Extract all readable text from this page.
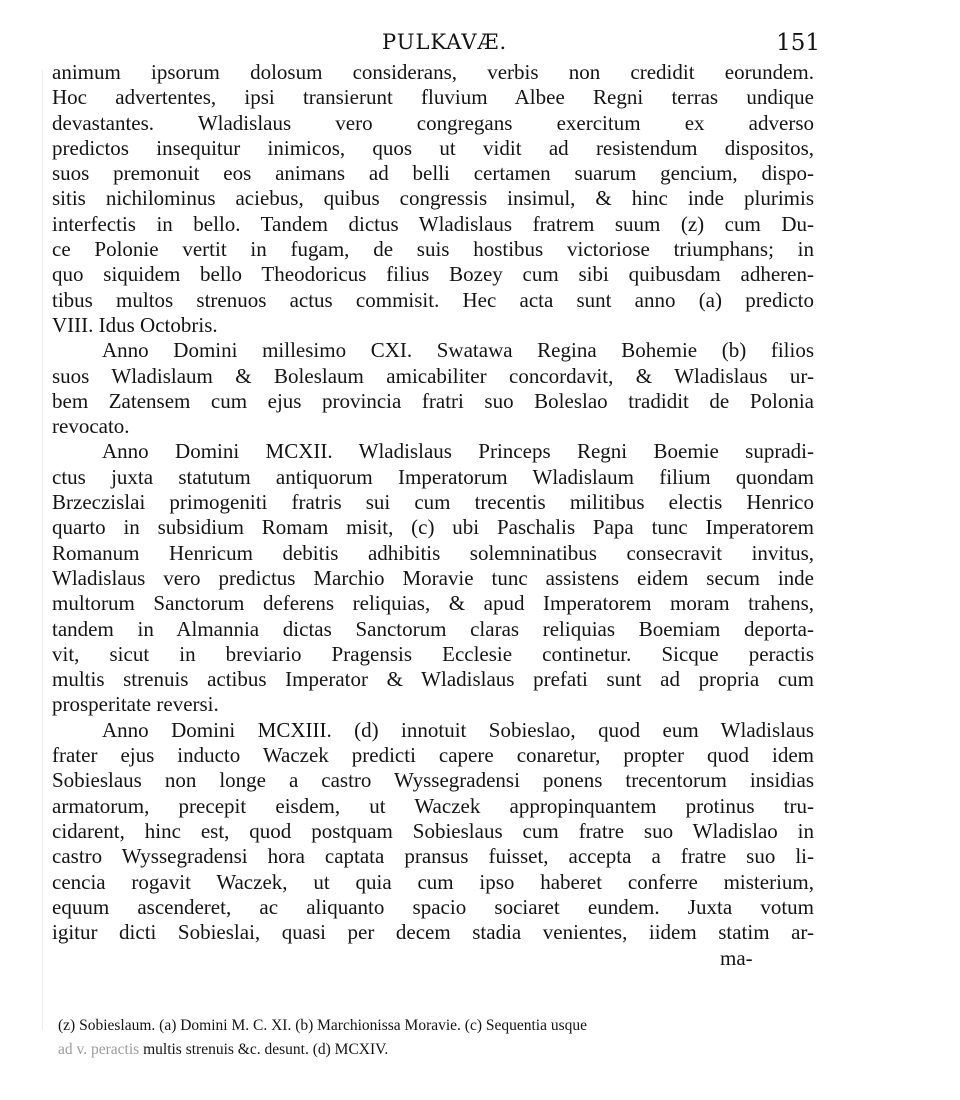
PULKAVÆ.	151
animum ipsorum dolosum considerans, verbis non credidit eorundem.
Hoc advertentes, ipsi transierunt fluvium Albee Regni terras undique
devastantes. Wladislaus vero congregans exercitum ex adverso
predictos insequitur inimicos, quos ut vidit ad resistendum dispositos,
suos premonuit eos animans ad belli certamen suarum gencium, dispo-
sitis nichilominus aciebus, quibus congressis insimul, & hinc inde plurimis
interfectis in bello. Tandem dictus Wladislaus fratrem suum (z) cum Du-
ce Polonie vertit in fugam, de suis hostibus victoriose triumphans; in
quo siquidem bello Theodoricus filius Bozey cum sibi quibusdam adheren-
tibus multos strenuos actus commisit. Hec acta sunt anno (a) predicto
VIII. Idus Octobris.
Anno Domini millesimo CXI. Swatawa Regina Bohemie (b) filios
suos Wladislaum & Boleslaum amicabiliter concordavit, & Wladislaus ur-
bem Zatensem cum ejus provincia fratri suo Boleslao tradidit de Polonia
revocato.
Anno Domini MCXII. Wladislaus Princeps Regni Boemie supradi-
ctus juxta statutum antiquorum Imperatorum Wladislaum filium quondam
Brzeczislai primogeniti fratris sui cum trecentis militibus electis Henrico
quarto in subsidium Romam misit, (c) ubi Paschalis Papa tunc Imperatorem
Romanum Henricum debitis adhibitis solemninatibus consecravit invitus,
Wladislaus vero predictus Marchio Moravie tunc assistens eidem secum inde
multorum Sanctorum deferens reliquias, & apud Imperatorem moram trahens,
tandem in Almannia dictas Sanctorum claras reliquias Boemiam deporta-
vit, sicut in breviario Pragensis Ecclesie continetur. Sicque peractis
multis strenuis actibus Imperator & Wladislaus prefati sunt ad propria cum
prosperitate reversi.
Anno Domini MCXIII. (d) innotuit Sobieslao, quod eum Wladislaus
frater ejus inducto Waczek predicti capere conaretur, propter quod idem
Sobieslaus non longe a castro Wyssegradensi ponens trecentorum insidias
armatorum, precepit eisdem, ut Waczek appropinquantem protinus tru-
cidarent, hinc est, quod postquam Sobieslaus cum fratre suo Wladislao in
castro Wyssegradensi hora captata pransus fuisset, accepta a fratre suo li-
cencia rogavit Waczek, ut quia cum ipso haberet conferre misterium,
equum ascenderet, ac aliquanto spacio sociaret eundem. Juxta votum
igitur dicti Sobieslai, quasi per decem stadia venientes, iidem statim ar-
ma-
(z) Sobieslaum. (a) Domini M. C. XI. (b) Marchionissa Moravie. (c) Sequentia usque
ad v. peractis multis strenuis &c. desunt. (d) MCXIV.
